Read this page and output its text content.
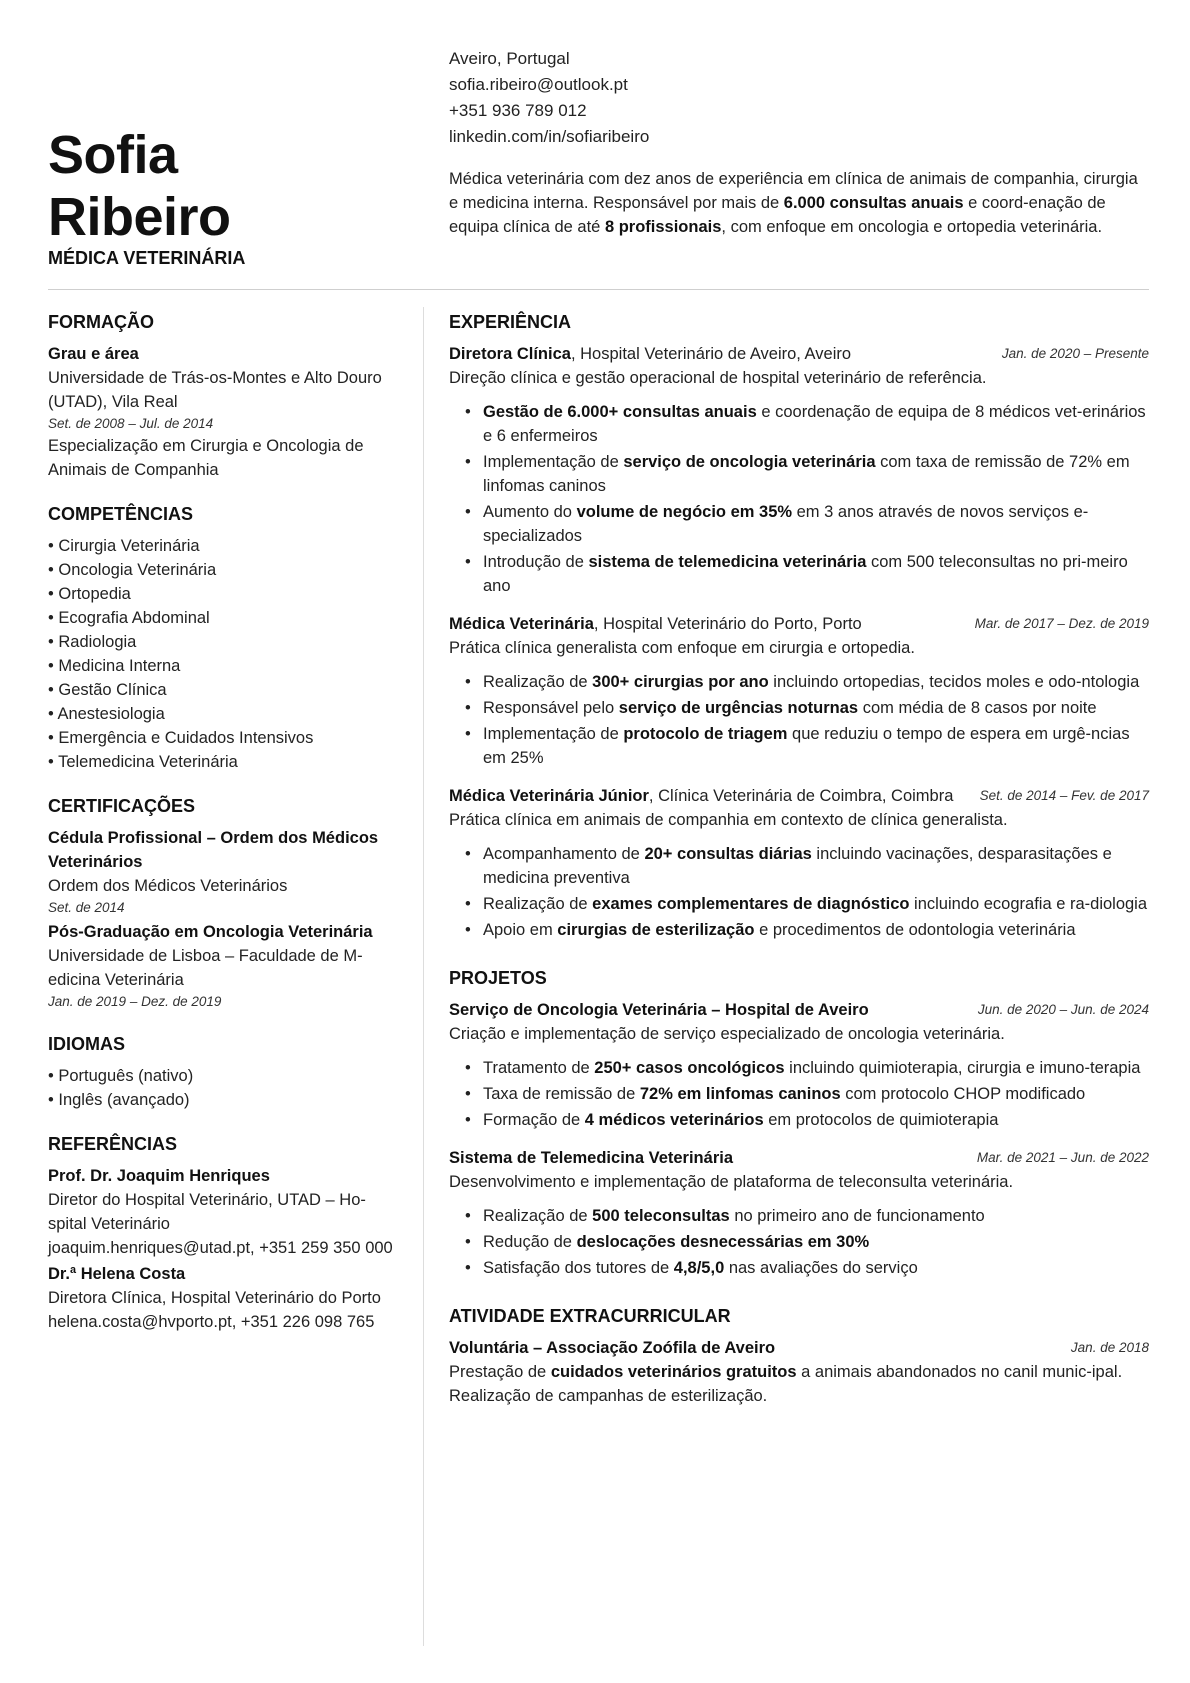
Sofia
Ribeiro
MÉDICA VETERINÁRIA
Aveiro, Portugal
sofia.ribeiro@outlook.pt
+351 936 789 012
linkedin.com/in/sofiaribeiro
Médica veterinária com dez anos de experiência em clínica de animais de companhia, cirurgia e medicina interna. Responsável por mais de 6.000 consultas anuais e coord-enação de equipa clínica de até 8 profissionais, com enfoque em oncologia e ortopedia veterinária.
FORMAÇÃO
Grau e área
Universidade de Trás-os-Montes e Alto Douro (UTAD), Vila Real
Set. de 2008 – Jul. de 2014
Especialização em Cirurgia e Oncologia de Animais de Companhia
COMPETÊNCIAS
• Cirurgia Veterinária
• Oncologia Veterinária
• Ortopedia
• Ecografia Abdominal
• Radiologia
• Medicina Interna
• Gestão Clínica
• Anestesiologia
• Emergência e Cuidados Intensivos
• Telemedicina Veterinária
CERTIFICAÇÕES
Cédula Profissional – Ordem dos Médicos Veterinários
Ordem dos Médicos Veterinários
Set. de 2014
Pós-Graduação em Oncologia Veterinária
Universidade de Lisboa – Faculdade de M-edicina Veterinária
Jan. de 2019 – Dez. de 2019
IDIOMAS
• Português (nativo)
• Inglês (avançado)
REFERÊNCIAS
Prof. Dr. Joaquim Henriques
Diretor do Hospital Veterinário, UTAD – Ho-spital Veterinário
joaquim.henriques@utad.pt, +351 259 350 000
Dr.ª Helena Costa
Diretora Clínica, Hospital Veterinário do Porto
helena.costa@hvporto.pt, +351 226 098 765
EXPERIÊNCIA
Diretora Clínica, Hospital Veterinário de Aveiro, Aveiro	Jan. de 2020 – Presente
Direção clínica e gestão operacional de hospital veterinário de referência.
• Gestão de 6.000+ consultas anuais e coordenação de equipa de 8 médicos vet-erinários e 6 enfermeiros
• Implementação de serviço de oncologia veterinária com taxa de remissão de 72% em linfomas caninos
• Aumento do volume de negócio em 35% em 3 anos através de novos serviços e-specializados
• Introdução de sistema de telemedicina veterinária com 500 teleconsultas no pri-meiro ano
Médica Veterinária, Hospital Veterinário do Porto, Porto	Mar. de 2017 – Dez. de 2019
Prática clínica generalista com enfoque em cirurgia e ortopedia.
• Realização de 300+ cirurgias por ano incluindo ortopedias, tecidos moles e odo-ntologia
• Responsável pelo serviço de urgências noturnas com média de 8 casos por noite
• Implementação de protocolo de triagem que reduziu o tempo de espera em urgê-ncias em 25%
Médica Veterinária Júnior, Clínica Veterinária de Coimbra, Coimbra	Set. de 2014 – Fev. de 2017
Prática clínica em animais de companhia em contexto de clínica generalista.
• Acompanhamento de 20+ consultas diárias incluindo vacinações, desparasitações e medicina preventiva
• Realização de exames complementares de diagnóstico incluindo ecografia e ra-diologia
• Apoio em cirurgias de esterilização e procedimentos de odontologia veterinária
PROJETOS
Serviço de Oncologia Veterinária – Hospital de Aveiro	Jun. de 2020 – Jun. de 2024
Criação e implementação de serviço especializado de oncologia veterinária.
• Tratamento de 250+ casos oncológicos incluindo quimioterapia, cirurgia e imuno-terapia
• Taxa de remissão de 72% em linfomas caninos com protocolo CHOP modificado
• Formação de 4 médicos veterinários em protocolos de quimioterapia
Sistema de Telemedicina Veterinária	Mar. de 2021 – Jun. de 2022
Desenvolvimento e implementação de plataforma de teleconsulta veterinária.
• Realização de 500 teleconsultas no primeiro ano de funcionamento
• Redução de deslocações desnecessárias em 30%
• Satisfação dos tutores de 4,8/5,0 nas avaliações do serviço
ATIVIDADE EXTRACURRICULAR
Voluntária – Associação Zoófila de Aveiro	Jan. de 2018
Prestação de cuidados veterinários gratuitos a animais abandonados no canil munic-ipal. Realização de campanhas de esterilização.
